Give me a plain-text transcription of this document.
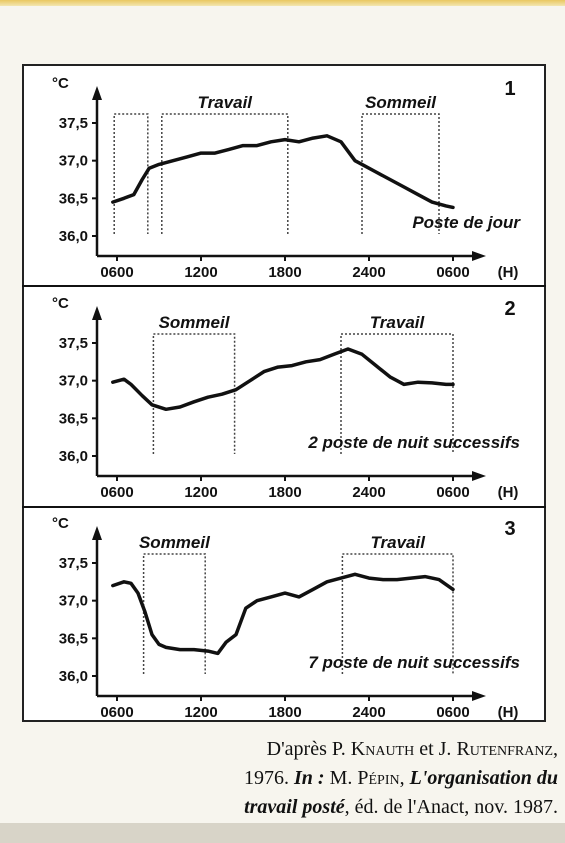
°C
37,5
37,0
36,5
36,0
0600	1200	1800	2400	0600 (H)
1
Travail	Sommeil
Poste de jour
°C
37,5
37,0
36,5
36,0
0600	1200	1800	2400	0600 (H)
2
Sommeil	Travail
2 poste de nuit successifs
°C
37,5
37,0
36,5
36,0
0600	1200	1800	2400	0600 (H)
3
Sommeil	Travail
7 poste de nuit successifs
D'après P. Knauth et J. Rutenfranz,
1976. In : M. Pépin, L'organisation du
travail posté, éd. de l'Anact, nov. 1987.
